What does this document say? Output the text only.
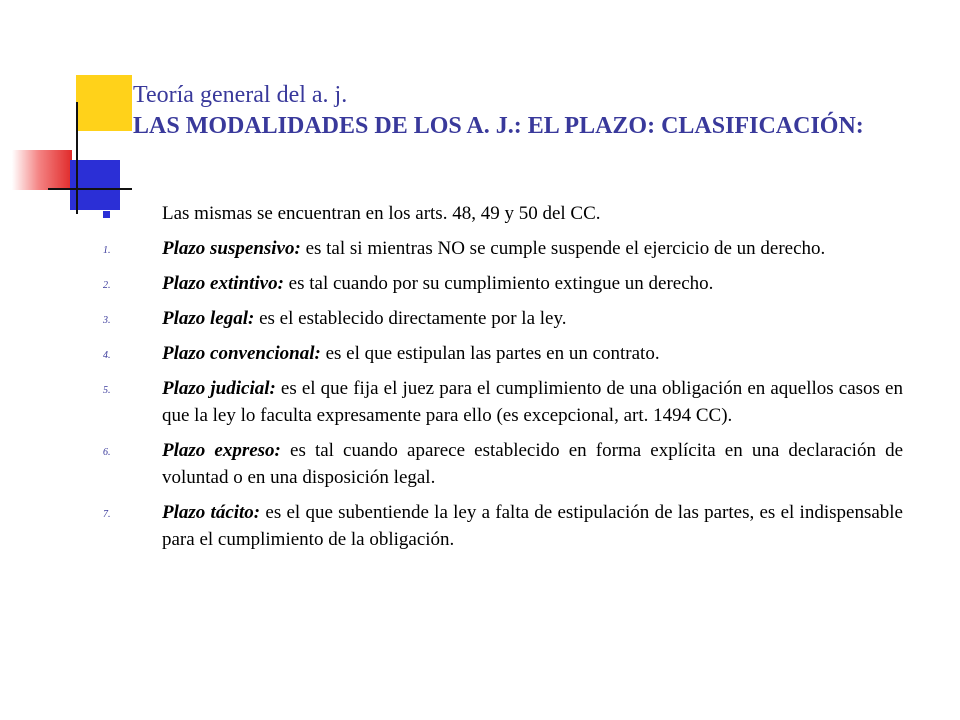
Teoría general del a. j.
LAS MODALIDADES DE LOS A. J.: EL PLAZO: CLASIFICACIÓN:
Las mismas se encuentran en los arts. 48, 49 y 50 del CC.
1.	Plazo suspensivo: es tal si mientras NO se cumple suspende el ejercicio de un derecho.
2.	Plazo extintivo: es tal cuando por su cumplimiento extingue un derecho.
3.	Plazo legal: es el establecido directamente por la ley.
4.	Plazo convencional: es el que estipulan las partes en un contrato.
5.	Plazo judicial: es el que fija el juez para el cumplimiento de una obligación en aquellos casos en que la ley lo faculta expresamente para ello (es excepcional, art. 1494 CC).
6.	Plazo expreso: es tal cuando aparece establecido en forma explícita en una declaración de voluntad o en una disposición legal.
7.	Plazo tácito: es el que subentiende la ley a falta de estipulación de las partes, es el indispensable para el cumplimiento de la obligación.
